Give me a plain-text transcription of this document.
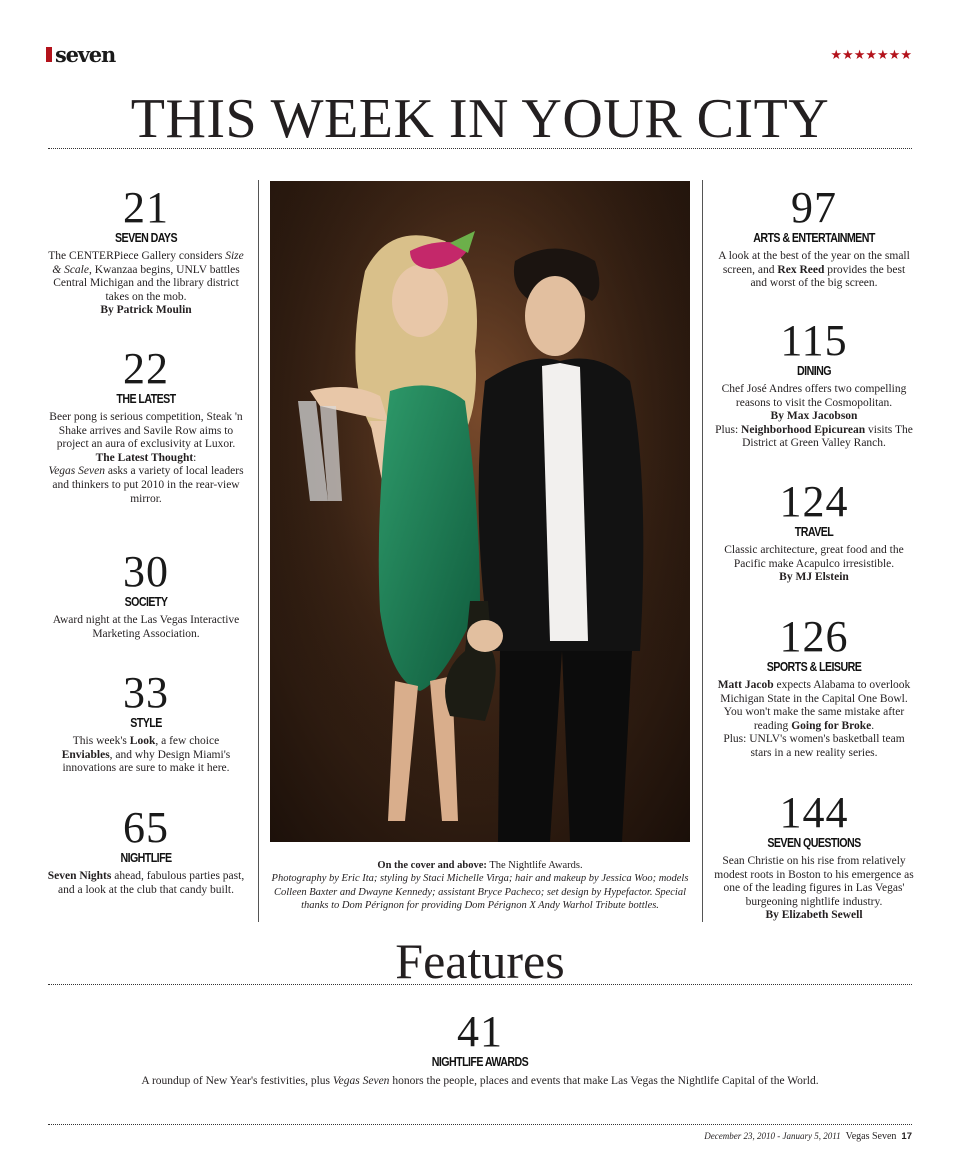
seven	★★★★★★★
THIS WEEK IN YOUR CITY
21
SEVEN DAYS
The CENTERPiece Gallery considers Size & Scale, Kwanzaa begins, UNLV battles Central Michigan and the library district takes on the mob.
By Patrick Moulin
22
THE LATEST
Beer pong is serious competition, Steak 'n Shake arrives and Savile Row aims to project an aura of exclusivity at Luxor.
The Latest Thought:
Vegas Seven asks a variety of local leaders and thinkers to put 2010 in the rear-view mirror.
30
SOCIETY
Award night at the Las Vegas Interactive Marketing Association.
33
STYLE
This week's Look, a few choice Enviables, and why Design Miami's innovations are sure to make it here.
65
NIGHTLIFE
Seven Nights ahead, fabulous parties past, and a look at the club that candy built.
On the cover and above: The Nightlife Awards.
Photography by Eric Ita; styling by Staci Michelle Virga; hair and makeup by Jessica Woo; models Colleen Baxter and Dwayne Kennedy; assistant Bryce Pacheco; set design by Hypefactor. Special thanks to Dom Pérignon for providing Dom Pérignon X Andy Warhol Tribute bottles.
97
ARTS & ENTERTAINMENT
A look at the best of the year on the small screen, and Rex Reed provides the best and worst of the big screen.
115
DINING
Chef José Andres offers two compelling reasons to visit the Cosmopolitan.
By Max Jacobson
Plus: Neighborhood Epicurean visits The District at Green Valley Ranch.
124
TRAVEL
Classic architecture, great food and the Pacific make Acapulco irresistible.
By MJ Elstein
126
SPORTS & LEISURE
Matt Jacob expects Alabama to overlook Michigan State in the Capital One Bowl. You won't make the same mistake after reading Going for Broke.
Plus: UNLV's women's basketball team stars in a new reality series.
144
SEVEN QUESTIONS
Sean Christie on his rise from relatively modest roots in Boston to his emergence as one of the leading figures in Las Vegas' burgeoning nightlife industry.
By Elizabeth Sewell
Features
41
NIGHTLIFE AWARDS
A roundup of New Year's festivities, plus Vegas Seven honors the people, places and events that make Las Vegas the Nightlife Capital of the World.
December 23, 2010 - January 5, 2011 Vegas Seven 17
